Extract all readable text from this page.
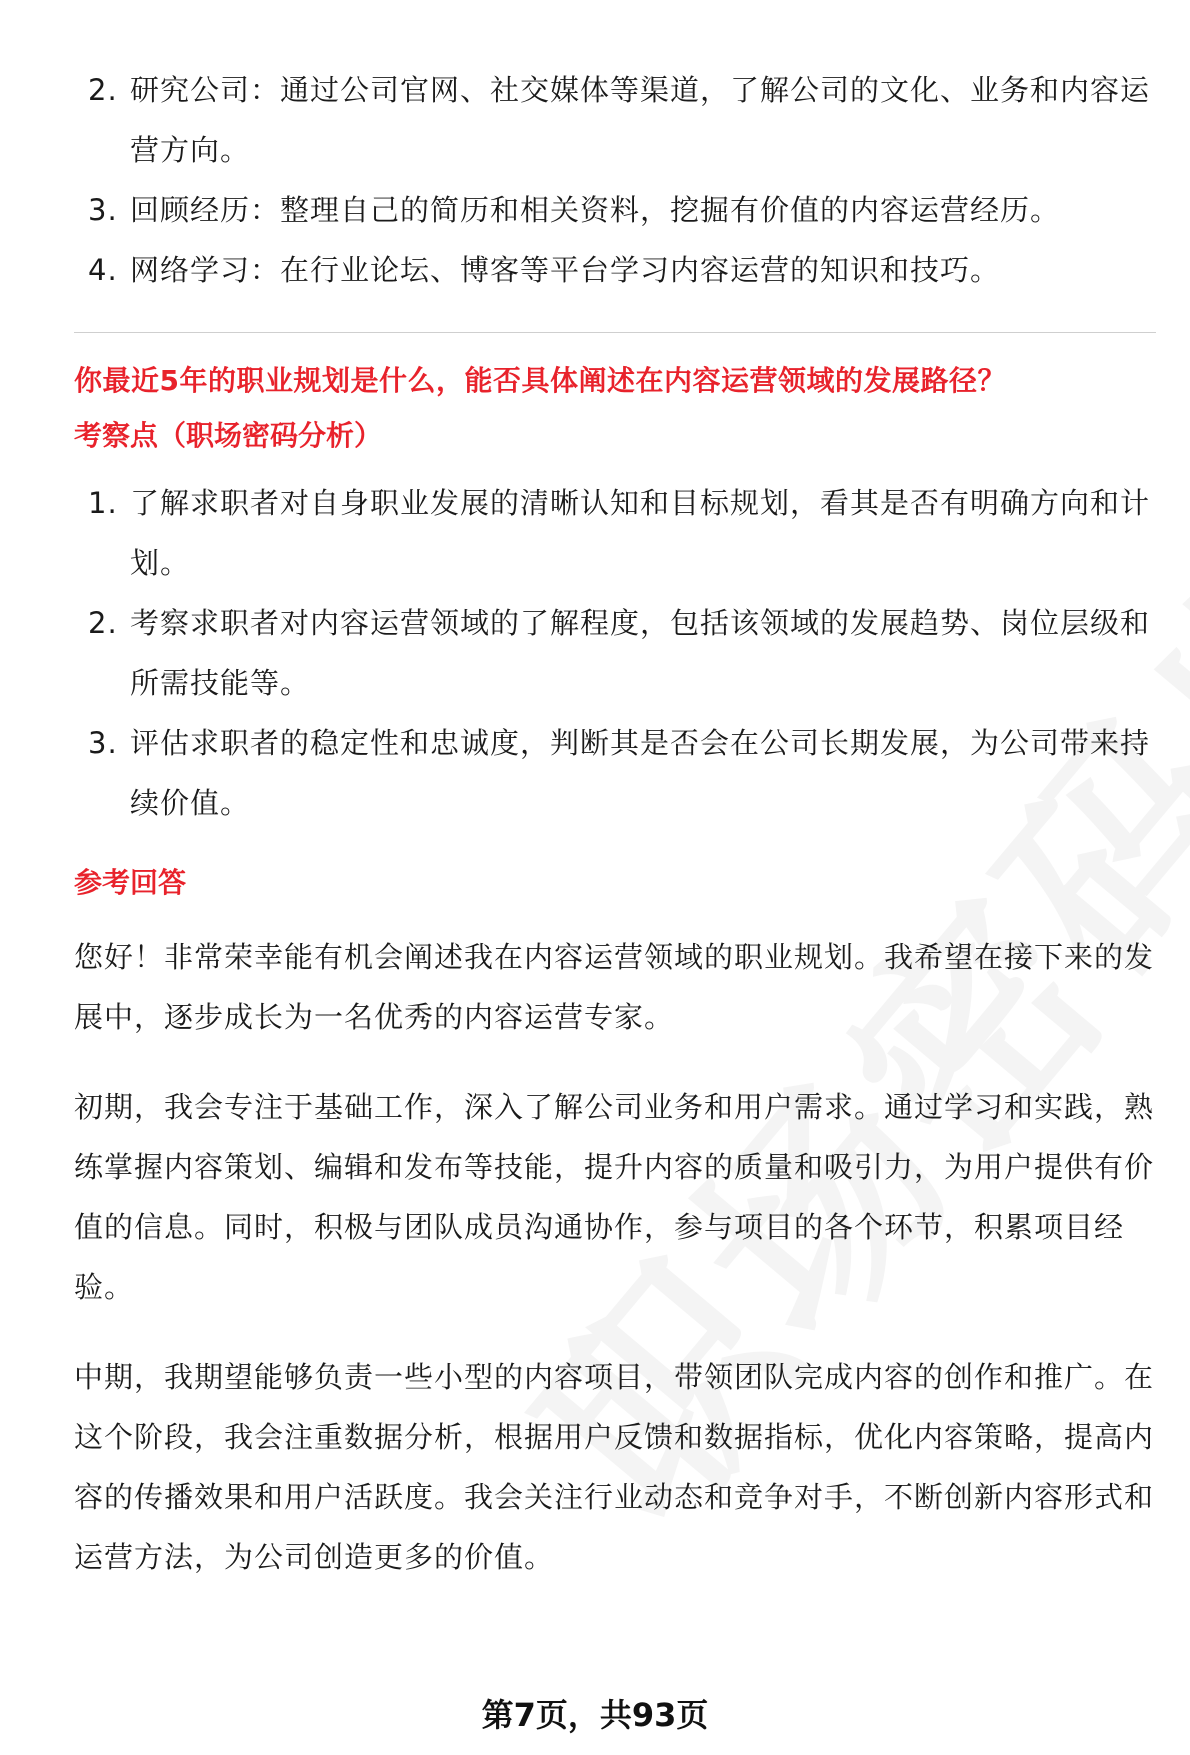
2. 研究公司：通过公司官网、社交媒体等渠道，了解公司的文化、业务和内容运营方向。
3. 回顾经历：整理自己的简历和相关资料，挖掘有价值的内容运营经历。
4. 网络学习：在行业论坛、博客等平台学习内容运营的知识和技巧。
你最近5年的职业规划是什么，能否具体阐述在内容运营领域的发展路径？
考察点（职场密码分析）
1. 了解求职者对自身职业发展的清晰认知和目标规划，看其是否有明确方向和计划。
2. 考察求职者对内容运营领域的了解程度，包括该领域的发展趋势、岗位层级和所需技能等。
3. 评估求职者的稳定性和忠诚度，判断其是否会在公司长期发展，为公司带来持续价值。
参考回答

您好！非常荣幸能有机会阐述我在内容运营领域的职业规划。我希望在接下来的发展中，逐步成长为一名优秀的内容运营专家。

初期，我会专注于基础工作，深入了解公司业务和用户需求。通过学习和实践，熟练掌握内容策划、编辑和发布等技能，提升内容的质量和吸引力，为用户提供有价值的信息。同时，积极与团队成员沟通协作，参与项目的各个环节，积累项目经验。

中期，我期望能够负责一些小型的内容项目，带领团队完成内容的创作和推广。在这个阶段，我会注重数据分析，根据用户反馈和数据指标，优化内容策略，提高内容的传播效果和用户活跃度。我会关注行业动态和竞争对手，不断创新内容形式和运营方法，为公司创造更多的价值。

第7页，共93页
